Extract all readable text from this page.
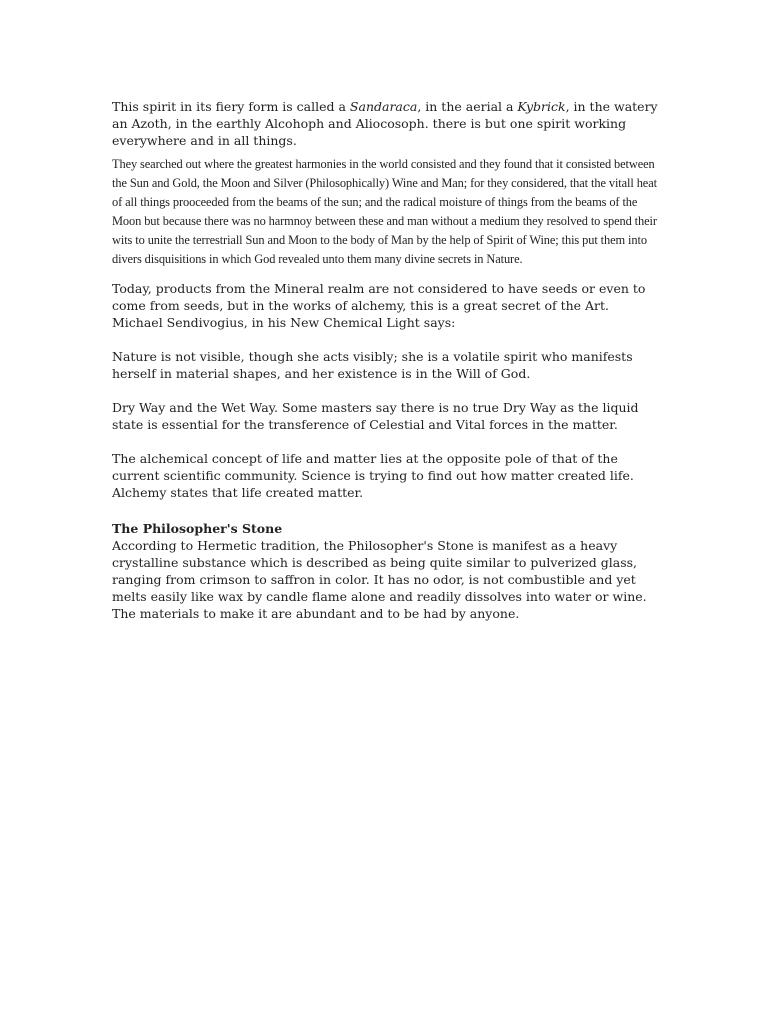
This spirit in its fiery form is called a Sandaraca, in the aerial a Kybrick, in the watery an Azoth, in the earthly Alcohoph and Aliocosoph. there is but one spirit working everywhere and in all things.

They searched out where the greatest harmonies in the world consisted and they found that it consisted between the Sun and Gold, the Moon and Silver (Philosophically) Wine and Man; for they considered, that the vitall heat of all things prooceeded from the beams of the sun; and the radical moisture of things from the beams of the Moon but because there was no harmnoy between these and man without a medium they resolved to spend their wits to unite the terrestriall Sun and Moon to the body of Man by the help of Spirit of Wine; this put them into divers disquisitions in which God revealed unto them many divine secrets in Nature.

Today, products from the Mineral realm are not considered to have seeds or even to come from seeds, but in the works of alchemy, this is a great secret of the Art.

Michael Sendivogius, in his New Chemical Light says:

Nature is not visible, though she acts visibly; she is a volatile spirit who manifests herself in material shapes, and her existence is in the Will of God.

Dry Way and the Wet Way. Some masters say there is no true Dry Way as the liquid state is essential for the transference of Celestial and Vital forces in the matter.

The alchemical concept of life and matter lies at the opposite pole of that of the current scientific community. Science is trying to find out how matter created life. Alchemy states that life created matter.

The Philosopher's Stone

According to Hermetic tradition, the Philosopher's Stone is manifest as a heavy crystalline substance which is described as being quite similar to pulverized glass, ranging from crimson to saffron in color. It has no odor, is not combustible and yet melts easily like wax by candle flame alone and readily dissolves into water or wine. The materials to make it are abundant and to be had by anyone.
